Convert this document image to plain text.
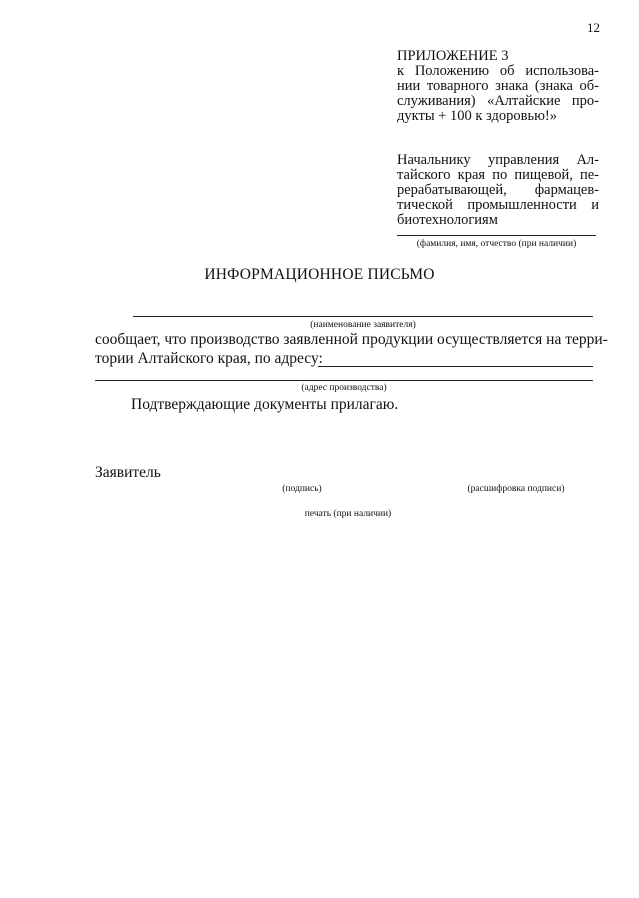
12
ПРИЛОЖЕНИЕ 3
к Положению об использова-
нии товарного знака (знака об-
служивания) «Алтайские про-
дукты + 100 к здоровью!»
Начальнику управления Ал-
тайского края по пищевой, пе-
рерабатывающей, фармацев-
тической промышленности и
биотехнологиям
(фамилия, имя, отчество (при наличии)
ИНФОРМАЦИОННОЕ ПИСЬМО
(наименование заявителя)
сообщает, что производство заявленной продукции осуществляется на терри-
тории Алтайского края, по адресу:
(адрес производства)
Подтверждающие документы прилагаю.
Заявитель
(подпись)	(расшифровка подписи)
печать (при наличии)
